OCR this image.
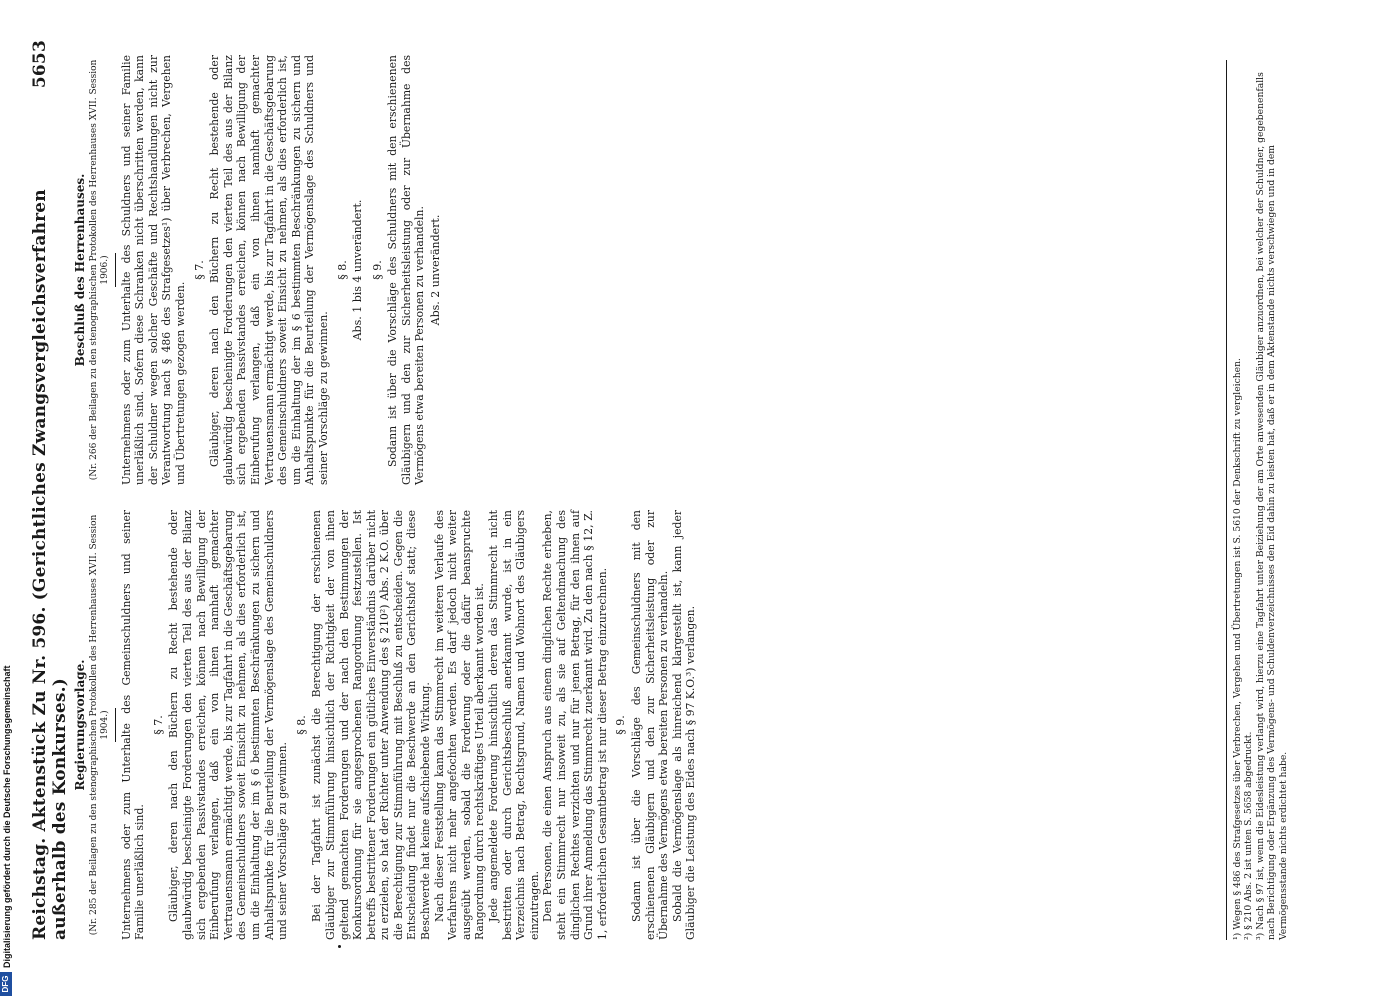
Reichstag. Aktenstück Zu Nr. 596. (Gerichtliches Zwangsvergleichsverfahren außerhalb des Konkurses.)
5653
Regierungsvorlage. (Nr. 285 der Beilagen zu den stenographischen Protokollen des Herrenhauses XVII. Session 1904.) Unternehmens oder zum Unterhalte des Gemeinschuldners und seiner Familie unerläßlich sind.

§ 7. Gläubiger, deren nach den Büchern zu Recht bestehende oder glaubwürdig bescheinigte Forderungen den vierten Teil des aus der Bilanz sich ergebenden Passivstandes erreichen, können nach Bewilligung der Einberufung verlangen, daß ein von ihnen namhaft gemachter Vertrauensmann ermächtigt werde, bis zur Tagfahrt in die Geschäftsgebarung des Gemeinschuldners soweit Einsicht zu nehmen, als dies erforderlich ist, um die Einhaltung der im § 6 bestimmten Beschränkungen zu sichern und Anhaltspunkte für die Beurteilung der Vermögenslage des Gemeinschuldners und seiner Vorschläge zu gewinnen.

§ 8. Bei der Tagfahrt ist zunächst die Berechtigung der erschienenen Gläubiger zur Stimmführung hinsichtlich der Richtigkeit der von ihnen geltend gemachten Forderungen und der nach den Bestimmungen der Konkursordnung für sie angesprochenen Rangordnung festzustellen. Ist betreffs bestrittener Forderungen ein gütliches Einverständnis darüber nicht zu erzielen, so hat der Richter unter Anwendung des § 210²) Abs. 2 K.O. über die Berechtigung zur Stimmführung mit Beschluß zu entscheiden. Gegen die Entscheidung findet nur die Beschwerde an den Gerichtshof statt; diese Beschwerde hat keine aufschiebende Wirkung. Nach dieser Feststellung kann das Stimmrecht im weiteren Verlaufe des Verfahrens nicht mehr angefochten werden. Es darf jedoch nicht weiter ausgeübt werden, sobald die Forderung oder die dafür beanspruchte Rangordnung durch rechtskräftiges Urteil aberkannt worden ist. Jede angemeldete Forderung hinsichtlich deren das Stimmrecht nicht bestritten oder durch Gerichtsbeschluß anerkannt wurde, ist in ein Verzeichnis nach Betrag, Rechtsgrund, Namen und Wohnort des Gläubigers einzutragen. Den Personen, die einen Anspruch aus einem dinglichen Rechte erheben, steht ein Stimmrecht nur insoweit zu, als sie auf Geltendmachung des dinglichen Rechtes verzichten und nur für jenen Betrag, für den ihnen auf Grund ihrer Anmeldung das Stimmrecht zuerkannt wird. Zu den nach § 12, Z. 1, erforderlichen Gesamtbetrag ist nur dieser Betrag einzurechnen. § 9. Sodann ist über die Vorschläge des Gemeinschuldners mit den erschienenen Gläubigern und den zur Sicherheitsleistung oder zur Übernahme des Vermögens etwa bereiten Personen zu verhandeln. Sobald die Vermögenslage als hinreichend klargestellt ist, kann jeder Gläubiger die Leistung des Eides nach § 97 K.O.³) verlangen.

Beschluß des Herrenhauses. (Nr. 266 der Beilagen zu den stenographischen Protokollen des Herrenhauses XVII. Session 1906.) Unternehmens oder zum Unterhalte des Schuldners und seiner Familie unerläßlich sind. Sofern diese Schranken nicht überschritten werden, kann der Schuldner wegen solcher Geschäfte und Rechtshandlungen nicht zur Verantwortung nach § 486 des Strafgesetzes¹) über Verbrechen, Vergehen und Übertretungen gezogen werden.

§ 7. Gläubiger, deren nach den Büchern zu Recht bestehende oder glaubwürdig bescheinigte Forderungen den vierten Teil des aus der Bilanz sich ergebenden Passivstandes erreichen, können nach Bewilligung der Einberufung verlangen, daß ein von ihnen namhaft gemachter Vertrauensmann ermächtigt werde, bis zur Tagfahrt in die Geschäftsgebarung des Gemeinschuldners soweit Einsicht zu nehmen, als dies erforderlich ist, um die Einhaltung der im § 6 bestimmten Beschränkungen zu sichern und Anhaltspunkte für die Beurteilung der Vermögenslage des Schuldners und seiner Vorschläge zu gewinnen.

§ 8. Abs. 1 bis 4 unverändert. § 9. Sodann ist über die Vorschläge des Schuldners mit den erschienenen Gläubigern und den zur Sicherheitsleistung oder zur Übernahme des Vermögens etwa bereiten Personen zu verhandeln. Abs. 2 unverändert.

¹) Wegen § 486 des Strafgesetzes über Verbrechen, Vergehen und Übertretungen ist S. 5610 der Denkschrift zu vergleichen. ²) § 210 Abs. 2 ist unten S. 5658 abgedruckt. ³) Nach § 97 ist, wenn die Eidesleistung verlangt wird, hierzu eine Tagfahrt unter Beiziehung der am Orte anwesenden Gläubiger anzuordnen, bei welcher der Schuldner, gegebenenfalls nach Berichtigung oder Ergänzung des Vermögens- und Schuldenverzeichnisses den Eid dahin zu leisten hat, daß er in dem Aktenstande nichts verschwiegen und in dem Vermögensstande nichts erdichtet habe.

DFG
Digitalisierung gefördert durch die Deutsche Forschungsgemeinschaft
